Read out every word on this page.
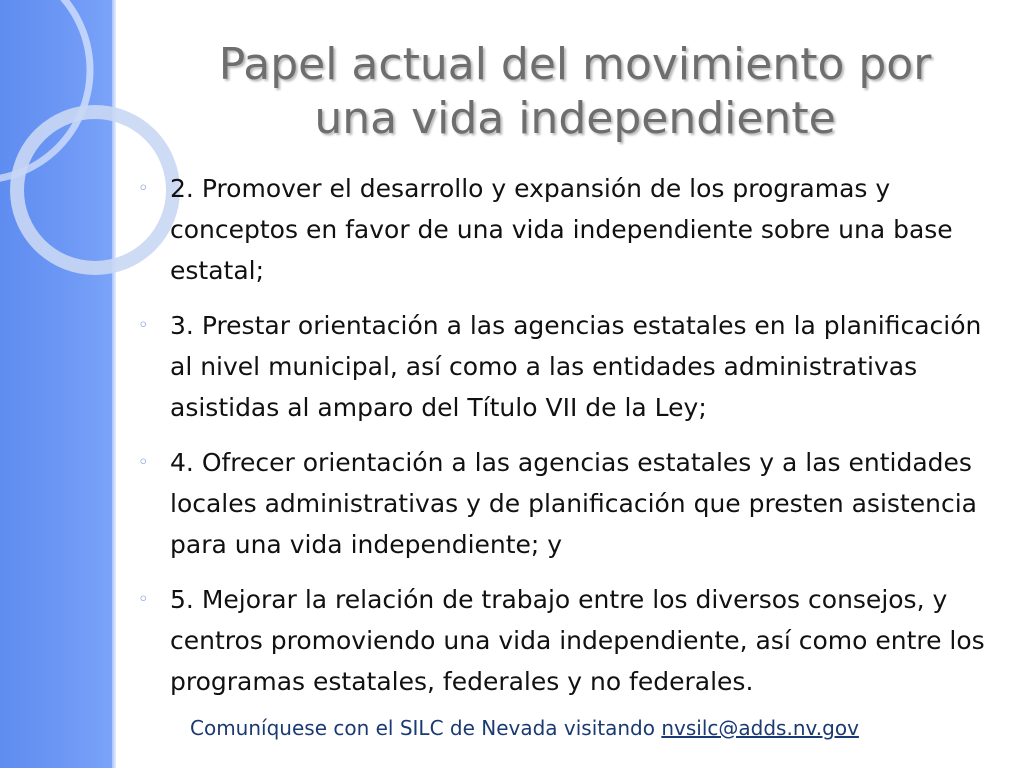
Papel actual del movimiento por
una vida independiente
◦ 2. Promover el desarrollo y expansión de los programas y conceptos en favor de una vida independiente sobre una base estatal;
◦ 3. Prestar orientación a las agencias estatales en la planificación al nivel municipal, así como a las entidades administrativas asistidas al amparo del Título VII de la Ley;
◦ 4. Ofrecer orientación a las agencias estatales y a las entidades locales administrativas y de planificación que presten asistencia para una vida independiente; y
◦ 5. Mejorar la relación de trabajo entre los diversos consejos, y centros promoviendo una vida independiente, así como entre los programas estatales, federales y no federales.
Comuníquese con el SILC de Nevada visitando nvsilc@adds.nv.gov
